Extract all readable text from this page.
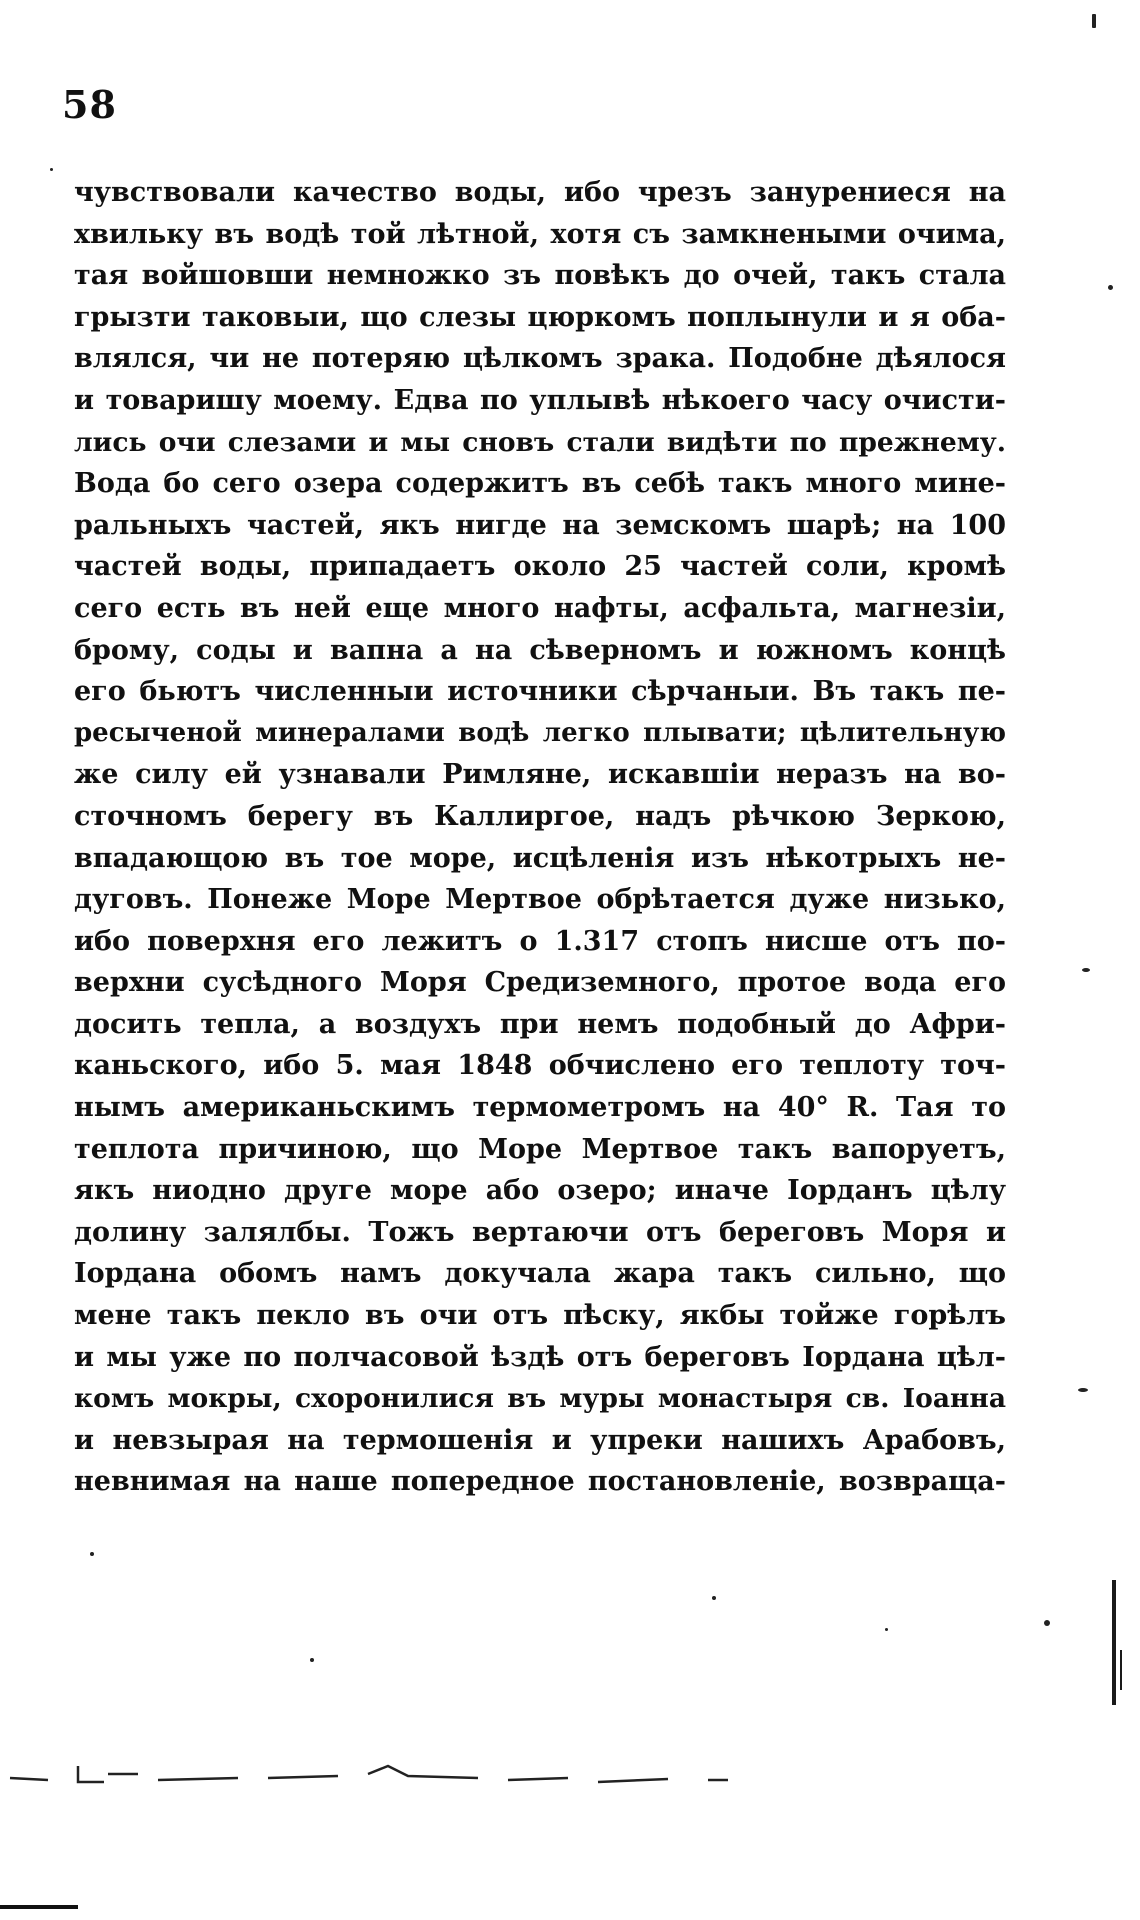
58
чувствовали качество воды, ибо чрезъ занурениеся на
хвильку въ водѣ той лѣтной, хотя съ замкнеными очима,
тая войшовши немножко зъ повѣкъ до очей, такъ стала
грызти таковыи, що слезы цюркомъ поплынули и я оба-
влялся, чи не потеряю цѣлкомъ зрака. Подобне дѣялося
и товаришу моему. Едва по уплывѣ нѣкоего часу очисти-
лись очи слезами и мы сновъ стали видѣти по прежнему.
Вода бо сего озера содержитъ въ себѣ такъ много мине-
ральныхъ частей, якъ нигде на земскомъ шарѣ; на 100
частей воды, припадаетъ около 25 частей соли, кромѣ
сего есть въ ней еще много нафты, асфальта, магнезіи,
брому, соды и вапна а на сѣверномъ и южномъ концѣ
его бьютъ численныи источники сѣрчаныи. Въ такъ пе-
ресыченой минералами водѣ легко плывати; цѣлительную
же силу ей узнавали Римляне, искавшіи неразъ на во-
сточномъ берегу въ Каллиргое, надъ рѣчкою Зеркою,
впадающою въ тое море, исцѣленія изъ нѣкотрыхъ не-
дуговъ. Понеже Море Мертвое обрѣтается дуже низько,
ибо поверхня его лежитъ о 1.317 стопъ нисше отъ по-
верхни сусѣдного Моря Средиземного, протое вода его
досить тепла, а воздухъ при немъ подобный до Афри-
каньского, ибо 5. мая 1848 обчислено его теплоту точ-
нымъ американьскимъ термометромъ на 40° R. Тая то
теплота причиною, що Море Мертвое такъ вапоруетъ,
якъ ниодно друге море або озеро; иначе Іорданъ цѣлу
долину залялбы. Тожъ вертаючи отъ береговъ Моря и
Іордана обомъ намъ докучала жара такъ сильно, що
мене такъ пекло въ очи отъ пѣску, якбы тойже горѣлъ
и мы уже по полчасовой ѣздѣ отъ береговъ Іордана цѣл-
комъ мокры, схоронилися въ муры монастыря св. Іоанна
и невзырая на термошенія и упреки нашихъ Арабовъ,
невнимая на наше попередное постановленіе, возвраща-
